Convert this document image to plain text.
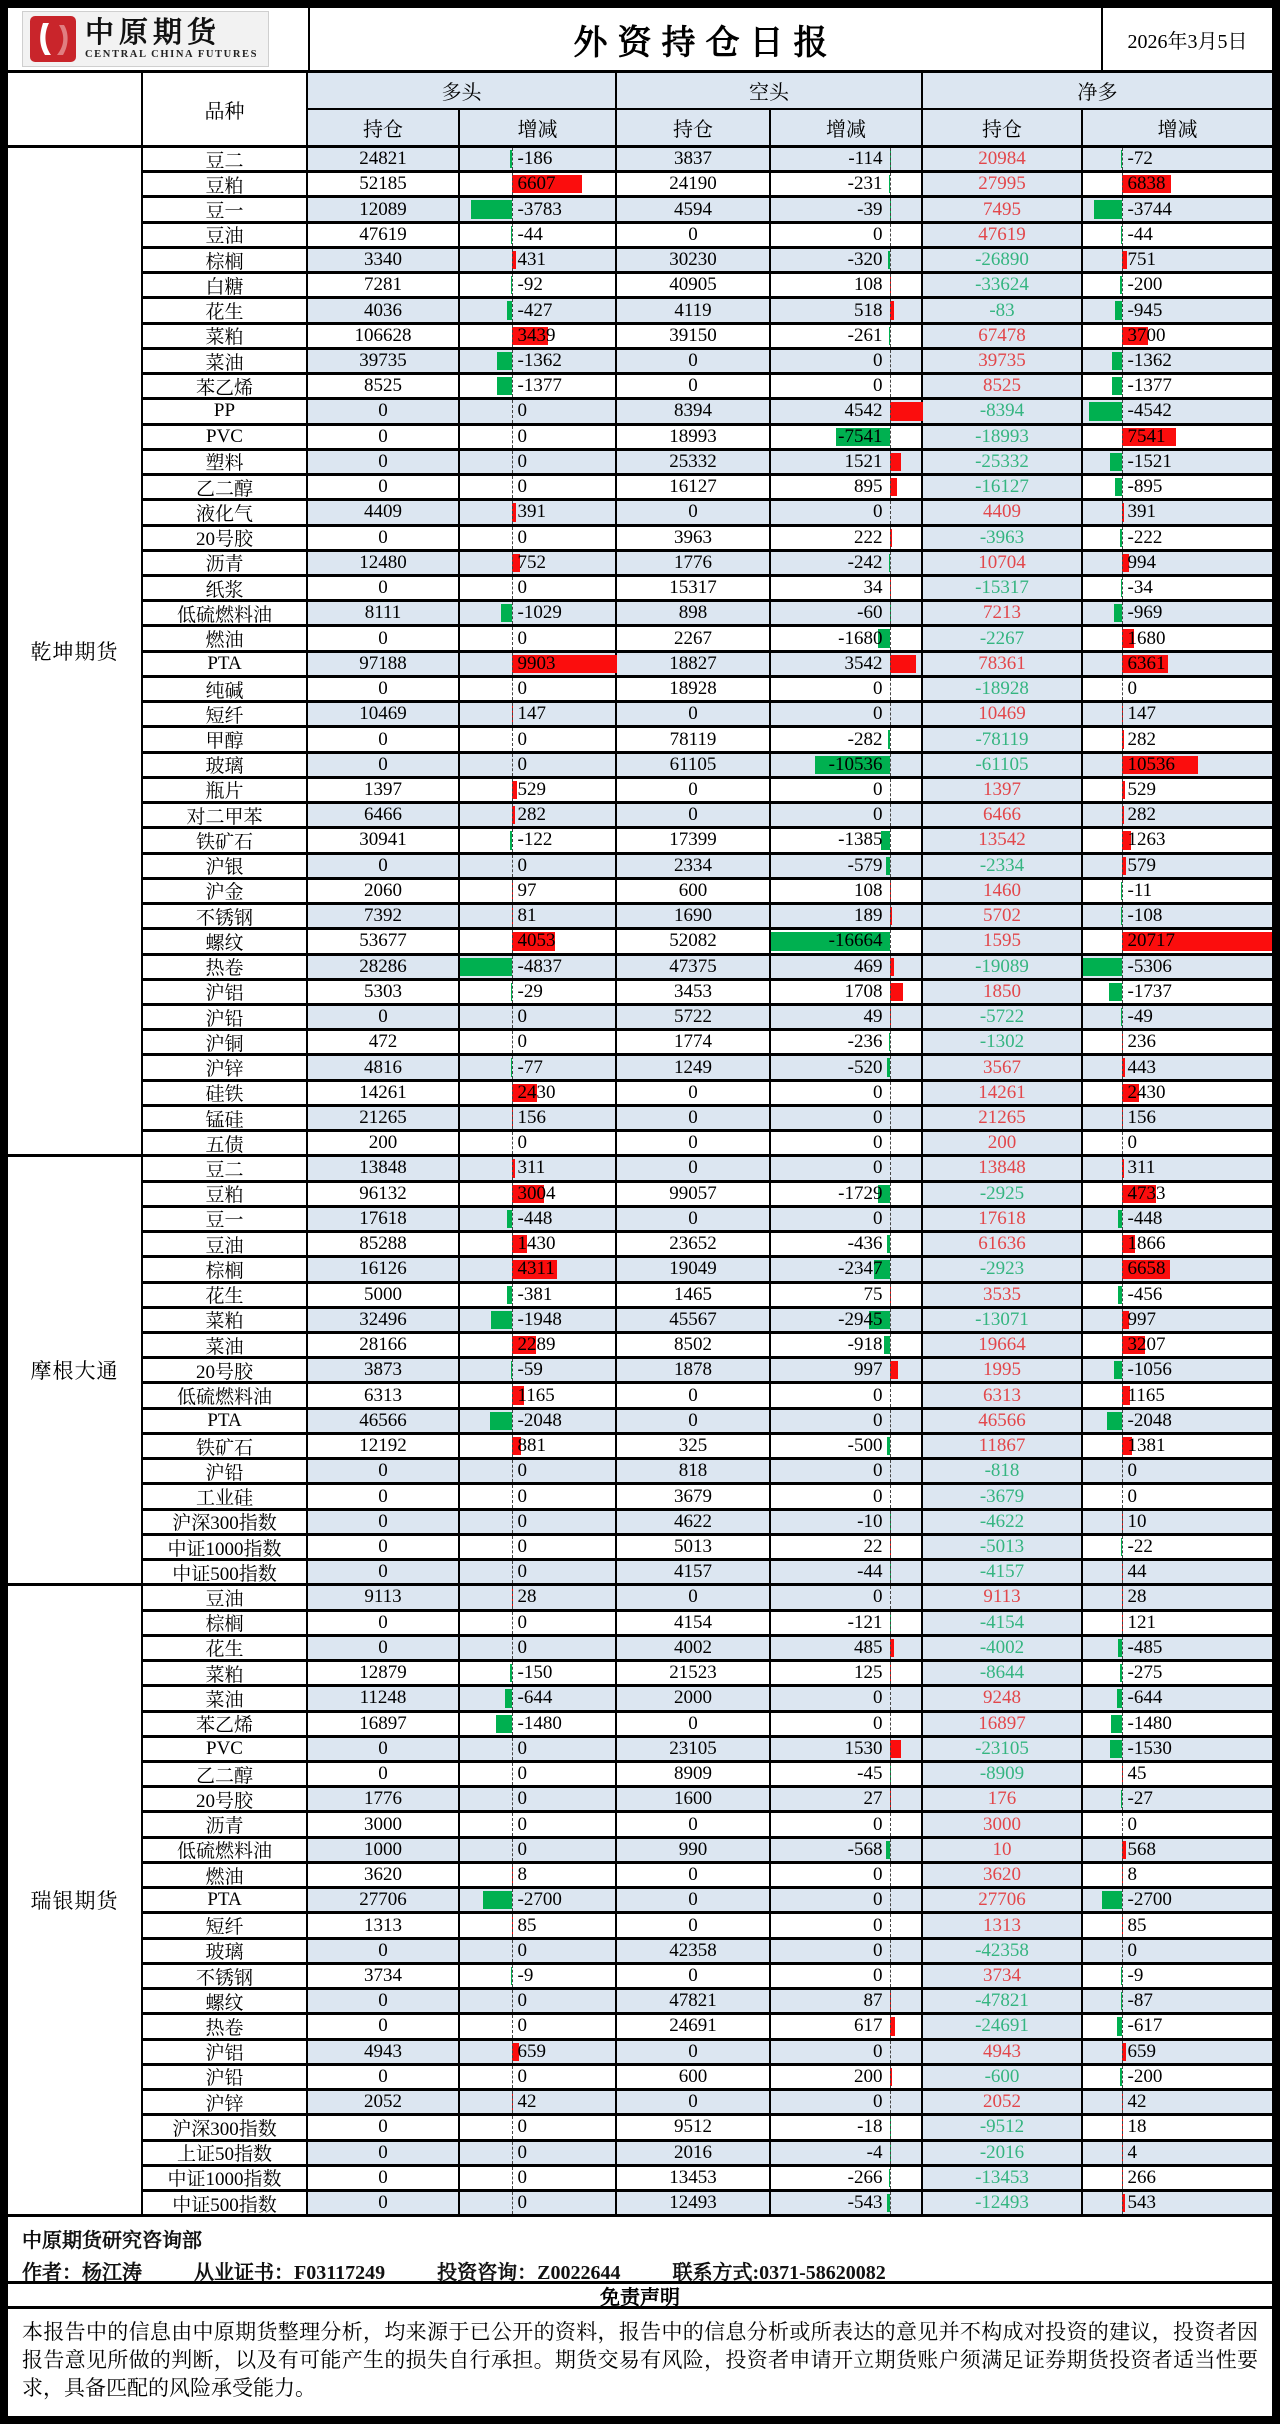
中原期货
CENTRAL CHINA FUTURES	外资持仓日报	2026年3月5日
品种
多头	空头	净多
持仓	增减	持仓	增减	持仓	增减
乾坤期货
豆二	24821	-186	3837	-114	20984	-72
豆粕	52185	6607	24190	-231	27995	6838
豆一	12089	-3783	4594	-39	7495	-3744
豆油	47619	-44	0	0	47619	-44
棕榈	3340	431	30230	-320	-26890	751
白糖	7281	-92	40905	108	-33624	-200
花生	4036	-427	4119	518	-83	-945
菜粕	106628	3439	39150	-261	67478	3700
菜油	39735	-1362	0	0	39735	-1362
苯乙烯	8525	-1377	0	0	8525	-1377
PP	0	0	8394	4542	-8394	-4542
PVC	0	0	18993	-7541	-18993	7541
塑料	0	0	25332	1521	-25332	-1521
乙二醇	0	0	16127	895	-16127	-895
液化气	4409	391	0	0	4409	391
20号胶	0	0	3963	222	-3963	-222
沥青	12480	752	1776	-242	10704	994
纸浆	0	0	15317	34	-15317	-34
低硫燃料油	8111	-1029	898	-60	7213	-969
燃油	0	0	2267	-1680	-2267	1680
PTA	97188	9903	18827	3542	78361	6361
纯碱	0	0	18928	0	-18928	0
短纤	10469	147	0	0	10469	147
甲醇	0	0	78119	-282	-78119	282
玻璃	0	0	61105	-10536	-61105	10536
瓶片	1397	529	0	0	1397	529
对二甲苯	6466	282	0	0	6466	282
铁矿石	30941	-122	17399	-1385	13542	1263
沪银	0	0	2334	-579	-2334	579
沪金	2060	97	600	108	1460	-11
不锈钢	7392	81	1690	189	5702	-108
螺纹	53677	4053	52082	-16664	1595	20717
热卷	28286	-4837	47375	469	-19089	-5306
沪铝	5303	-29	3453	1708	1850	-1737
沪铅	0	0	5722	49	-5722	-49
沪铜	472	0	1774	-236	-1302	236
沪锌	4816	-77	1249	-520	3567	443
硅铁	14261	2430	0	0	14261	2430
锰硅	21265	156	0	0	21265	156
五债	200	0	0	0	200	0
摩根大通
豆二	13848	311	0	0	13848	311
豆粕	96132	3004	99057	-1729	-2925	4733
豆一	17618	-448	0	0	17618	-448
豆油	85288	1430	23652	-436	61636	1866
棕榈	16126	4311	19049	-2347	-2923	6658
花生	5000	-381	1465	75	3535	-456
菜粕	32496	-1948	45567	-2945	-13071	997
菜油	28166	2289	8502	-918	19664	3207
20号胶	3873	-59	1878	997	1995	-1056
低硫燃料油	6313	1165	0	0	6313	1165
PTA	46566	-2048	0	0	46566	-2048
铁矿石	12192	881	325	-500	11867	1381
沪铅	0	0	818	0	-818	0
工业硅	0	0	3679	0	-3679	0
沪深300指数	0	0	4622	-10	-4622	10
中证1000指数	0	0	5013	22	-5013	-22
中证500指数	0	0	4157	-44	-4157	44
瑞银期货
豆油	9113	28	0	0	9113	28
棕榈	0	0	4154	-121	-4154	121
花生	0	0	4002	485	-4002	-485
菜粕	12879	-150	21523	125	-8644	-275
菜油	11248	-644	2000	0	9248	-644
苯乙烯	16897	-1480	0	0	16897	-1480
PVC	0	0	23105	1530	-23105	-1530
乙二醇	0	0	8909	-45	-8909	45
20号胶	1776	0	1600	27	176	-27
沥青	3000	0	0	0	3000	0
低硫燃料油	1000	0	990	-568	10	568
燃油	3620	8	0	0	3620	8
PTA	27706	-2700	0	0	27706	-2700
短纤	1313	85	0	0	1313	85
玻璃	0	0	42358	0	-42358	0
不锈钢	3734	-9	0	0	3734	-9
螺纹	0	0	47821	87	-47821	-87
热卷	0	0	24691	617	-24691	-617
沪铝	4943	659	0	0	4943	659
沪铅	0	0	600	200	-600	-200
沪锌	2052	42	0	0	2052	42
沪深300指数	0	0	9512	-18	-9512	18
上证50指数	0	0	2016	-4	-2016	4
中证1000指数	0	0	13453	-266	-13453	266
中证500指数	0	0	12493	-543	-12493	543
中原期货研究咨询部
作者：杨江涛	从业证书：F03117249	投资咨询：Z0022644	联系方式:0371-58620082
免责声明
本报告中的信息由中原期货整理分析，均来源于已公开的资料，报告中的信息分析或所表达的意见并不构成对投资的建议，投资者因报告意见所做的判断，以及有可能产生的损失自行承担。期货交易有风险，投资者申请开立期货账户须满足证券期货投资者适当性要求，具备匹配的风险承受能力。
